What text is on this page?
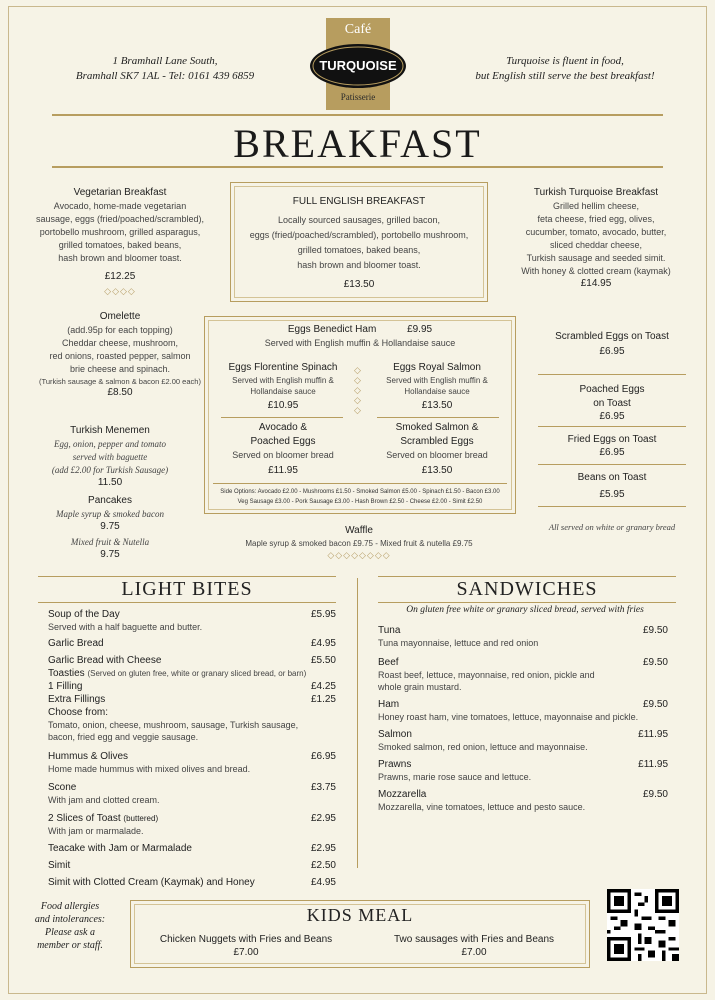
1 Bramhall Lane South,
Bramhall SK7 1AL - Tel: 0161 439 6859
Café
TURQUOISE
Patisserie
Turquoise is fluent in food,
but English still serve the best breakfast!
BREAKFAST
Vegetarian Breakfast
Avocado, home-made vegetarian
sausage, eggs (fried/poached/scrambled),
portobello mushroom, grilled asparagus,
grilled tomatoes, baked beans,
hash brown and bloomer toast.
£12.25
◇◇◇◇
FULL ENGLISH BREAKFAST
Locally sourced sausages, grilled bacon,
eggs (fried/poached/scrambled), portobello mushroom,
grilled tomatoes, baked beans,
hash brown and bloomer toast.
£13.50
Turkish Turquoise Breakfast
Grilled hellim cheese,
feta cheese, fried egg, olives,
cucumber, tomato, avocado, butter,
sliced cheddar cheese,
Turkish sausage and seeded simit.
With honey & clotted cream (kaymak)
£14.95
Omelette
(add.95p for each topping)
Cheddar cheese, mushroom,
red onions, roasted pepper, salmon
brie cheese and spinach.
(Turkish sausage & salmon & bacon £2.00 each)
£8.50
Turkish Menemen
Egg, onion, pepper and tomato
served with baguette
(add £2.00 for Turkish Sausage)
11.50
Pancakes
Maple syrup & smoked bacon
9.75
Mixed fruit & Nutella
9.75
Eggs Benedict Ham	£9.95
Served with English muffin & Hollandaise sauce
Eggs Florentine Spinach
Served with English muffin &
Hollandaise sauce
£10.95
◇
◇
◇
◇
◇
Eggs Royal Salmon
Served with English muffin &
Hollandaise sauce
£13.50
Avocado &
Poached Eggs
Served on bloomer bread
£11.95
Smoked Salmon &
Scrambled Eggs
Served on bloomer bread
£13.50
Side Options: Avocado £2.00 - Mushrooms £1.50 - Smoked Salmon £5.00 - Spinach £1.50 - Bacon £3.00
Veg Sausage £3.00 - Pork Sausage £3.00 - Hash Brown £2.50 - Cheese £2.00 - Simit £2.50
Scrambled Eggs on Toast
£6.95
Poached Eggs
on Toast
£6.95
Fried Eggs on Toast
£6.95
Beans on Toast
£5.95
All served on white or granary bread
Waffle
Maple syrup & smoked bacon £9.75 - Mixed fruit & nutella £9.75
◇◇◇◇◇◇◇◇
LIGHT BITES
Soup of the Day	£5.95
Served with a half baguette and butter.
Garlic Bread	£4.95
Garlic Bread with Cheese	£5.50
Toasties (Served on gluten free, white or granary sliced bread, or barn)
1 Filling	£4.25
Extra Fillings	£1.25
Choose from:
Tomato, onion, cheese, mushroom, sausage, Turkish sausage,
bacon, fried egg and veggie sausage.
Hummus & Olives	£6.95
Home made hummus with mixed olives and bread.
Scone	£3.75
With jam and clotted cream.
2 Slices of Toast (buttered)	£2.95
With jam or marmalade.
Teacake with Jam or Marmalade	£2.95
Simit	£2.50
Simit with Clotted Cream (Kaymak) and Honey	£4.95
SANDWICHES
On gluten free white or granary sliced bread, served with fries
Tuna	£9.50
Tuna mayonnaise, lettuce and red onion
Beef	£9.50
Roast beef, lettuce, mayonnaise, red onion, pickle and
whole grain mustard.
Ham	£9.50
Honey roast ham, vine tomatoes, lettuce, mayonnaise and pickle.
Salmon	£11.95
Smoked salmon, red onion, lettuce and mayonnaise.
Prawns	£11.95
Prawns, marie rose sauce and lettuce.
Mozzarella	£9.50
Mozzarella, vine tomatoes, lettuce and pesto sauce.
Food allergies
and intolerances:
Please ask a
member or staff.
KIDS MEAL
Chicken Nuggets with Fries and Beans
£7.00
Two sausages with Fries and Beans
£7.00
